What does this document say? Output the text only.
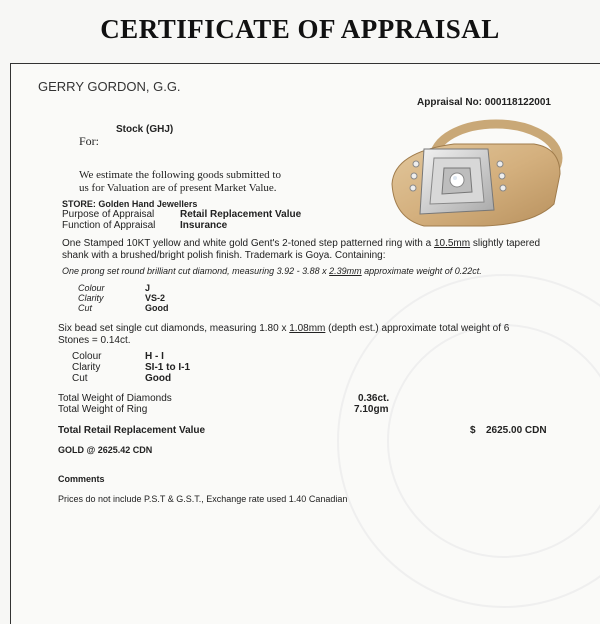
CERTIFICATE OF APPRAISAL
GERRY GORDON, G.G.
Appraisal No: 000118122001
Stock (GHJ)
For:
We estimate the following goods submitted to
us for Valuation are of present Market Value.
STORE: Golden Hand Jewellers
Purpose of Appraisal	Retail Replacement Value
Function of Appraisal Insurance
One Stamped 10KT yellow and white gold Gent's 2-toned step patterned ring with a 10.5mm slightly tapered
shank with a brushed/bright polish finish. Trademark is Goya. Containing:
One prong set round brilliant cut diamond, measuring 3.92 - 3.88 x 2.39mm approximate weight of 0.22ct.
Colour	J
Clarity	VS-2
Cut	Good
Six bead set single cut diamonds, measuring 1.80 x 1.08mm (depth est.) approximate total weight of 6
Stones = 0.14ct.
Colour	H - I
Clarity	SI-1 to I-1
Cut	Good
Total Weight of Diamonds	0.36ct.
Total Weight of Ring	7.10gm
Total Retail Replacement Value	$ 2625.00 CDN
GOLD @ 2625.42 CDN
Comments
Prices do not include P.S.T & G.S.T., Exchange rate used 1.40 Canadian
